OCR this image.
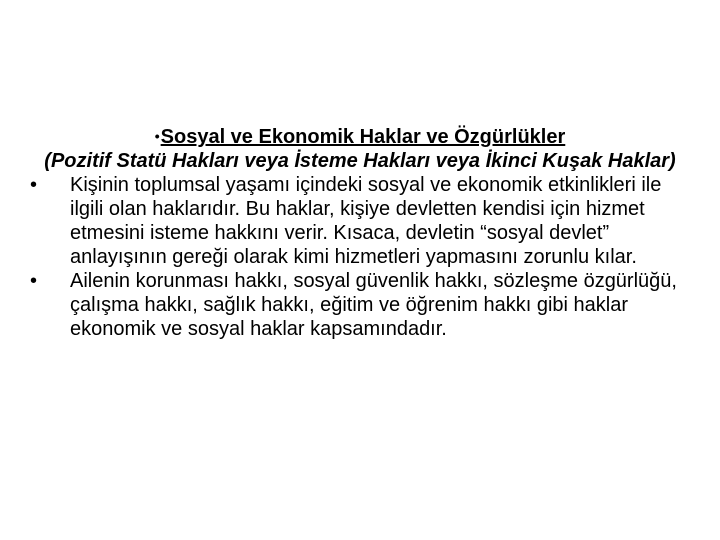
•Sosyal ve Ekonomik Haklar ve Özgürlükler
(Pozitif Statü Hakları veya İsteme Hakları veya İkinci Kuşak Haklar)
• Kişinin toplumsal yaşamı içindeki sosyal ve ekonomik etkinlikleri ile ilgili olan haklarıdır. Bu haklar, kişiye devletten kendisi için hizmet etmesini isteme hakkını verir. Kısaca, devletin “sosyal devlet” anlayışının gereği olarak kimi hizmetleri yapmasını zorunlu kılar.
• Ailenin korunması hakkı, sosyal güvenlik hakkı, sözleşme özgürlüğü, çalışma hakkı, sağlık hakkı, eğitim ve öğrenim hakkı gibi haklar ekonomik ve sosyal haklar kapsamındadır.
